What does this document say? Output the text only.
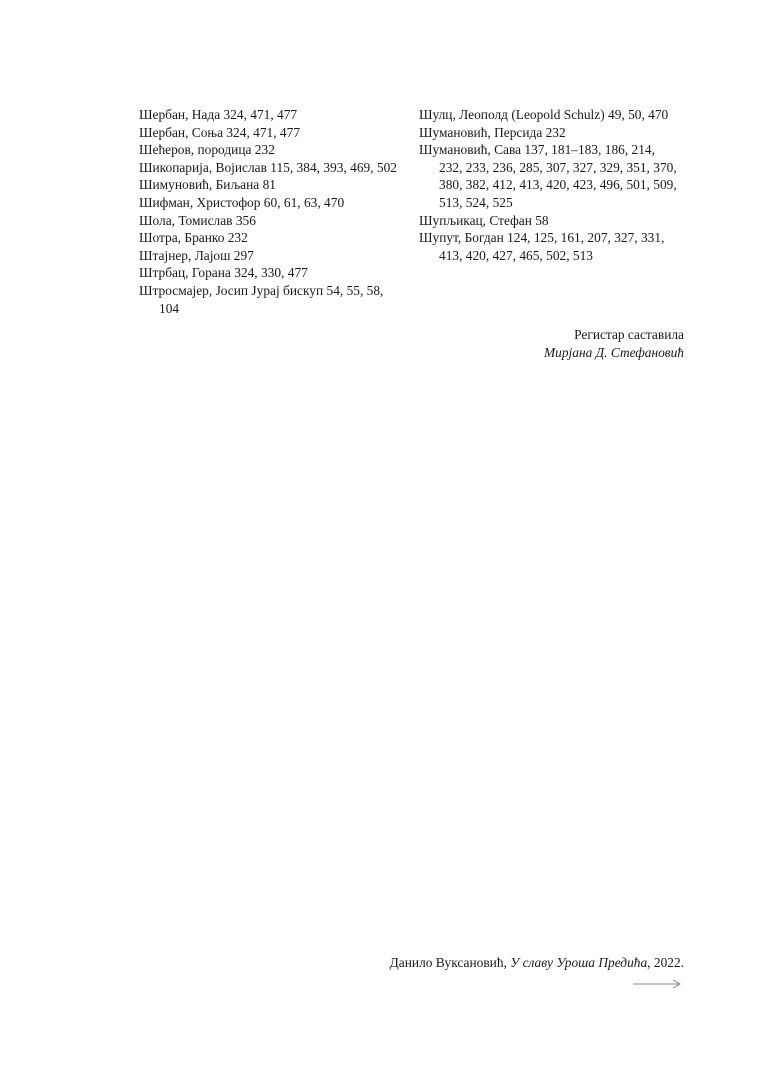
Шербан, Нада 324, 471, 477
Шербан, Соња 324, 471, 477
Шећеров, породица 232
Шикопарија, Војислав 115, 384, 393, 469, 502
Шимуновић, Биљана 81
Шифман, Христофор 60, 61, 63, 470
Шола, Томислав 356
Шотра, Бранко 232
Штајнер, Лајош 297
Штрбац, Горана 324, 330, 477
Штросмајер, Јосип Јурај бискуп 54, 55, 58, 104
Шулц, Леополд (Leopold Schulz) 49, 50, 470
Шумановић, Персида 232
Шумановић, Сава 137, 181–183, 186, 214, 232, 233, 236, 285, 307, 327, 329, 351, 370, 380, 382, 412, 413, 420, 423, 496, 501, 509, 513, 524, 525
Шупљикац, Стефан 58
Шупут, Богдан 124, 125, 161, 207, 327, 331, 413, 420, 427, 465, 502, 513
Регистар саставила
Мирјана Д. Стефановић
Данило Вуксановић, У славу Уроша Предића, 2022.
